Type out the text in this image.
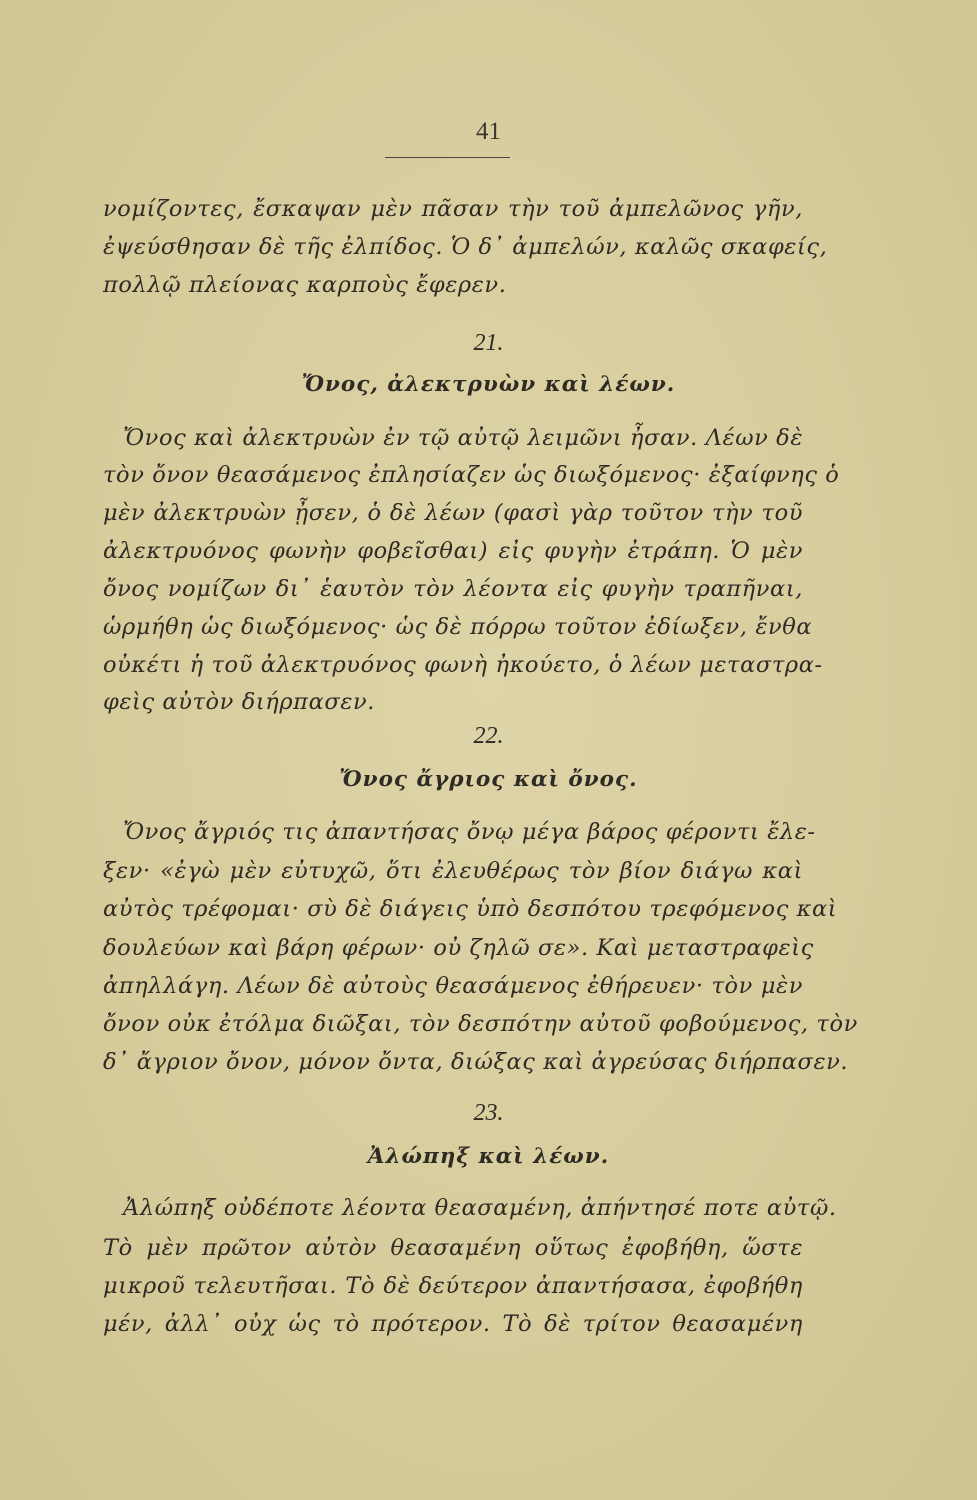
41
νομίζοντες, ἔσκαψαν μὲν πᾶσαν τὴν τοῦ ἀμπελῶνος γῆν,
ἐψεύσθησαν δὲ τῆς ἐλπίδος. Ὁ δ᾽ ἀμπελών, καλῶς σκαφείς,
πολλῷ πλείονας καρποὺς ἔφερεν.
21.
Ὄνος, ἀλεκτρυὼν καὶ λέων.
Ὄνος καὶ ἀλεκτρυὼν ἐν τῷ αὐτῷ λειμῶνι ἦσαν. Λέων δὲ
τὸν ὄνον θεασάμενος ἐπλησίαζεν ὡς διωξόμενος· ἐξαίφνης ὁ
μὲν ἀλεκτρυὼν ᾖσεν, ὁ δὲ λέων (φασὶ γὰρ τοῦτον τὴν τοῦ
ἀλεκτρυόνος φωνὴν φοβεῖσθαι) εἰς φυγὴν ἐτράπη. Ὁ μὲν
ὄνος νομίζων δι᾽ ἑαυτὸν τὸν λέοντα εἰς φυγὴν τραπῆναι,
ὡρμήθη ὡς διωξόμενος· ὡς δὲ πόρρω τοῦτον ἐδίωξεν, ἔνθα
οὐκέτι ἡ τοῦ ἀλεκτρυόνος φωνὴ ἠκούετο, ὁ λέων μεταστρα-
φεὶς αὐτὸν διήρπασεν.
22.
Ὄνος ἄγριος καὶ ὄνος.
Ὄνος ἄγριός τις ἀπαντήσας ὄνῳ μέγα βάρος φέροντι ἔλε-
ξεν· «ἐγὼ μὲν εὐτυχῶ, ὅτι ἐλευθέρως τὸν βίον διάγω καὶ
αὐτὸς τρέφομαι· σὺ δὲ διάγεις ὑπὸ δεσπότου τρεφόμενος καὶ
δουλεύων καὶ βάρη φέρων· οὐ ζηλῶ σε». Καὶ μεταστραφεὶς
ἀπηλλάγη. Λέων δὲ αὐτοὺς θεασάμενος ἐθήρευεν· τὸν μὲν
ὄνον οὐκ ἐτόλμα διῶξαι, τὸν δεσπότην αὐτοῦ φοβούμενος, τὸν
δ᾽ ἄγριον ὄνον, μόνον ὄντα, διώξας καὶ ἀγρεύσας διήρπασεν.
23.
Ἀλώπηξ καὶ λέων.
Ἀλώπηξ οὐδέποτε λέοντα θεασαμένη, ἀπήντησέ ποτε αὐτῷ.
Τὸ μὲν πρῶτον αὐτὸν θεασαμένη οὕτως ἐφοβήθη, ὥστε
μικροῦ τελευτῆσαι. Τὸ δὲ δεύτερον ἀπαντήσασα, ἐφοβήθη
μέν, ἀλλ᾽ οὐχ ὡς τὸ πρότερον. Τὸ δὲ τρίτον θεασαμένη
